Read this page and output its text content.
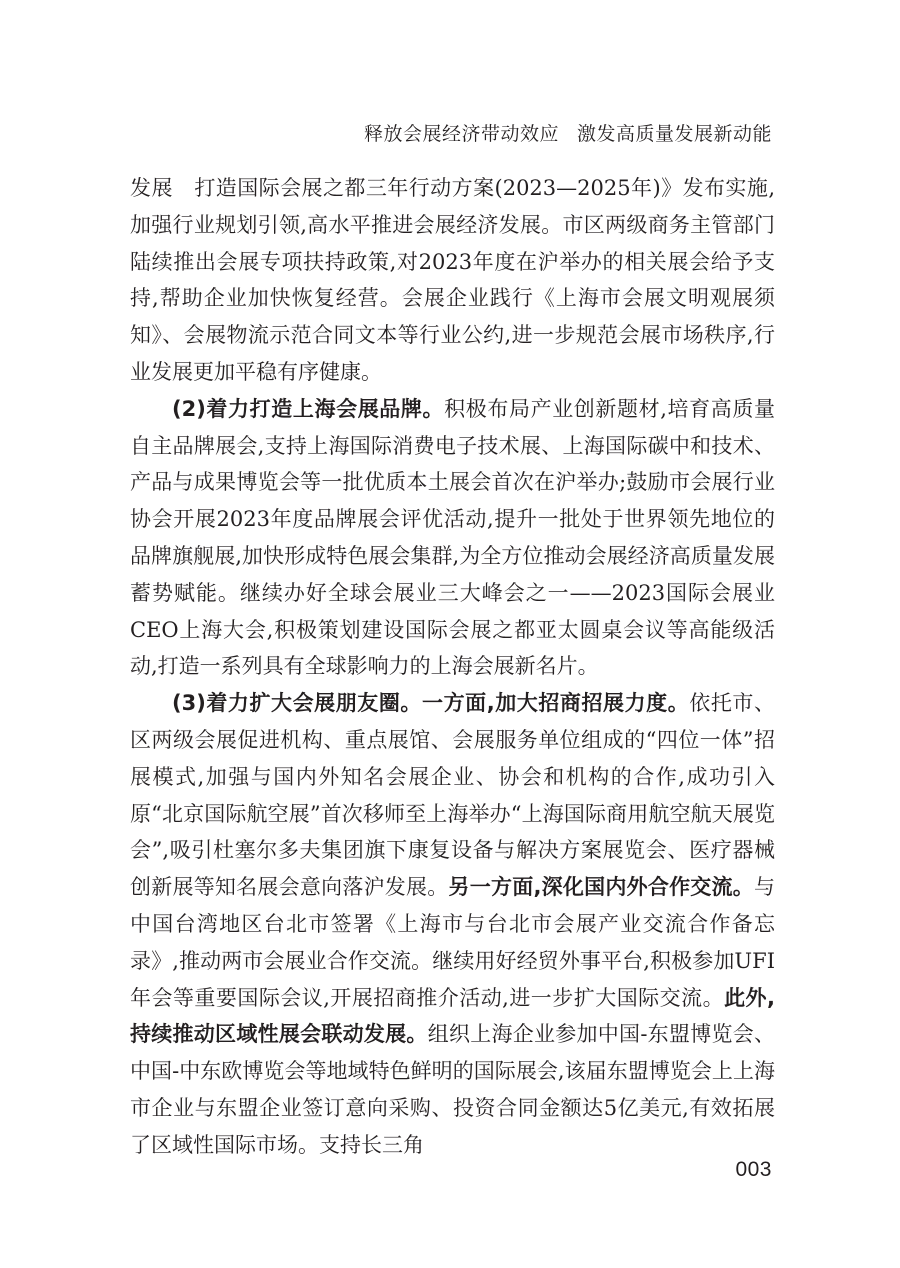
释放会展经济带动效应 激发高质量发展新动能

发展　打造国际会展之都三年行动方案(2023—2025年)》发布实施,加强行业规划引领,高水平推进会展经济发展。市区两级商务主管部门陆续推出会展专项扶持政策,对2023年度在沪举办的相关展会给予支持,帮助企业加快恢复经营。会展企业践行《上海市会展文明观展须知》、会展物流示范合同文本等行业公约,进一步规范会展市场秩序,行业发展更加平稳有序健康。

(2)着力打造上海会展品牌。积极布局产业创新题材,培育高质量自主品牌展会,支持上海国际消费电子技术展、上海国际碳中和技术、产品与成果博览会等一批优质本土展会首次在沪举办;鼓励市会展行业协会开展2023年度品牌展会评优活动,提升一批处于世界领先地位的品牌旗舰展,加快形成特色展会集群,为全方位推动会展经济高质量发展蓄势赋能。继续办好全球会展业三大峰会之一——2023国际会展业CEO上海大会,积极策划建设国际会展之都亚太圆桌会议等高能级活动,打造一系列具有全球影响力的上海会展新名片。

(3)着力扩大会展朋友圈。一方面,加大招商招展力度。依托市、区两级会展促进机构、重点展馆、会展服务单位组成的“四位一体”招展模式,加强与国内外知名会展企业、协会和机构的合作,成功引入原“北京国际航空展”首次移师至上海举办“上海国际商用航空航天展览会”,吸引杜塞尔多夫集团旗下康复设备与解决方案展览会、医疗器械创新展等知名展会意向落沪发展。另一方面,深化国内外合作交流。与中国台湾地区台北市签署《上海市与台北市会展产业交流合作备忘录》,推动两市会展业合作交流。继续用好经贸外事平台,积极参加UFI年会等重要国际会议,开展招商推介活动,进一步扩大国际交流。此外,持续推动区域性展会联动发展。组织上海企业参加中国-东盟博览会、中国-中东欧博览会等地域特色鲜明的国际展会,该届东盟博览会上上海市企业与东盟企业签订意向采购、投资合同金额达5亿美元,有效拓展了区域性国际市场。支持长三角

003
